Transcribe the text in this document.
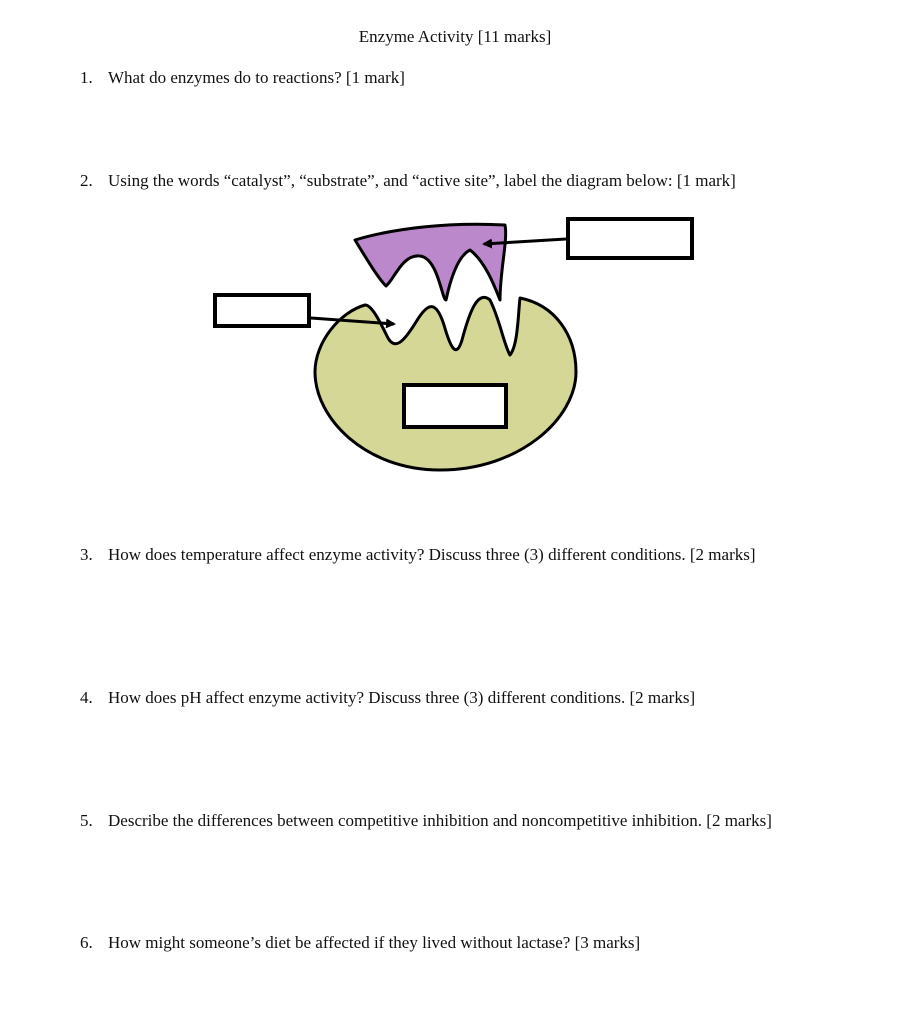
Enzyme Activity [11 marks]
1. What do enzymes do to reactions? [1 mark]
2. Using the words “catalyst”, “substrate”, and “active site”, label the diagram below: [1 mark]
3. How does temperature affect enzyme activity? Discuss three (3) different conditions. [2 marks]
4. How does pH affect enzyme activity? Discuss three (3) different conditions. [2 marks]
5. Describe the differences between competitive inhibition and noncompetitive inhibition. [2 marks]
6. How might someone’s diet be affected if they lived without lactase? [3 marks]
